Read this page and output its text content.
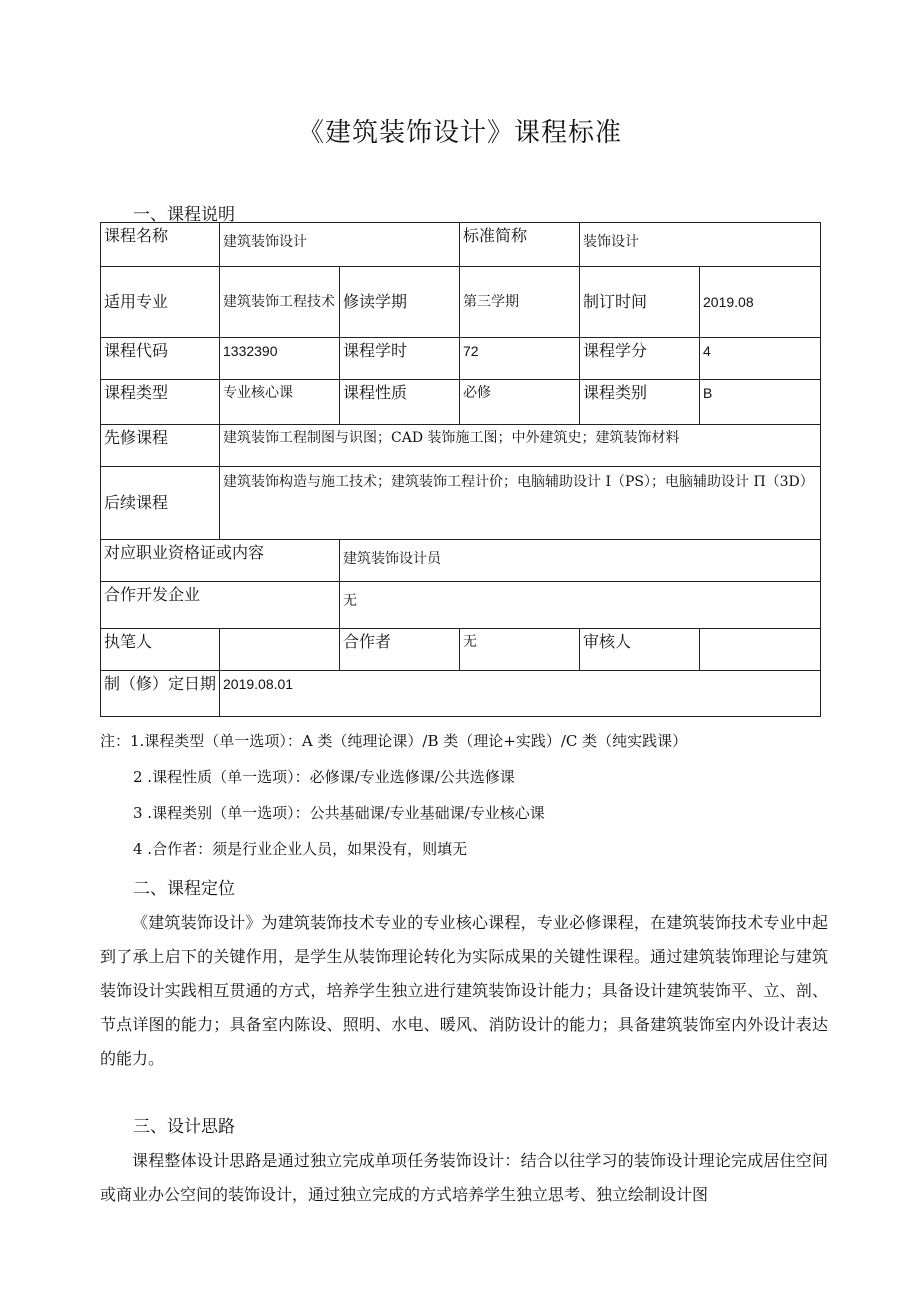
《建筑装饰设计》课程标准
一、课程说明
课程名称	建筑装饰设计		标准简称	装饰设计	
适用专业	建筑装饰工程技术	修读学期	第三学期	制订时间	2019.08
课程代码	1332390	课程学时	72	课程学分	4
课程类型	专业核心课	课程性质	必修	课程类别	B
先修课程	建筑装饰工程制图与识图；CAD 装饰施工图；中外建筑史；建筑装饰材料				
后续课程	建筑装饰构造与施工技术；建筑装饰工程计价；电脑辅助设计 I（PS）；电脑辅助设计 П（3D）				
对应职业资格证或内容		建筑装饰设计员			
合作开发企业		无			
执笔人		合作者	无	审核人	
制（修）定日期	2019.08.01				
注：1.课程类型（单一选项）：A 类（纯理论课）/B 类（理论+实践）/C 类（纯实践课）
2 .课程性质（单一选项）：必修课/专业选修课/公共选修课
3 .课程类别（单一选项）：公共基础课/专业基础课/专业核心课
4 .合作者：须是行业企业人员，如果没有，则填无
二、课程定位
《建筑装饰设计》为建筑装饰技术专业的专业核心课程，专业必修课程，在建筑装饰技术专业中起到了承上启下的关键作用，是学生从装饰理论转化为实际成果的关键性课程。通过建筑装饰理论与建筑装饰设计实践相互贯通的方式，培养学生独立进行建筑装饰设计能力；具备设计建筑装饰平、立、剖、节点详图的能力；具备室内陈设、照明、水电、暖风、消防设计的能力；具备建筑装饰室内外设计表达的能力。
三、设计思路
课程整体设计思路是通过独立完成单项任务装饰设计：结合以往学习的装饰设计理论完成居住空间或商业办公空间的装饰设计，通过独立完成的方式培养学生独立思考、独立绘制设计图
